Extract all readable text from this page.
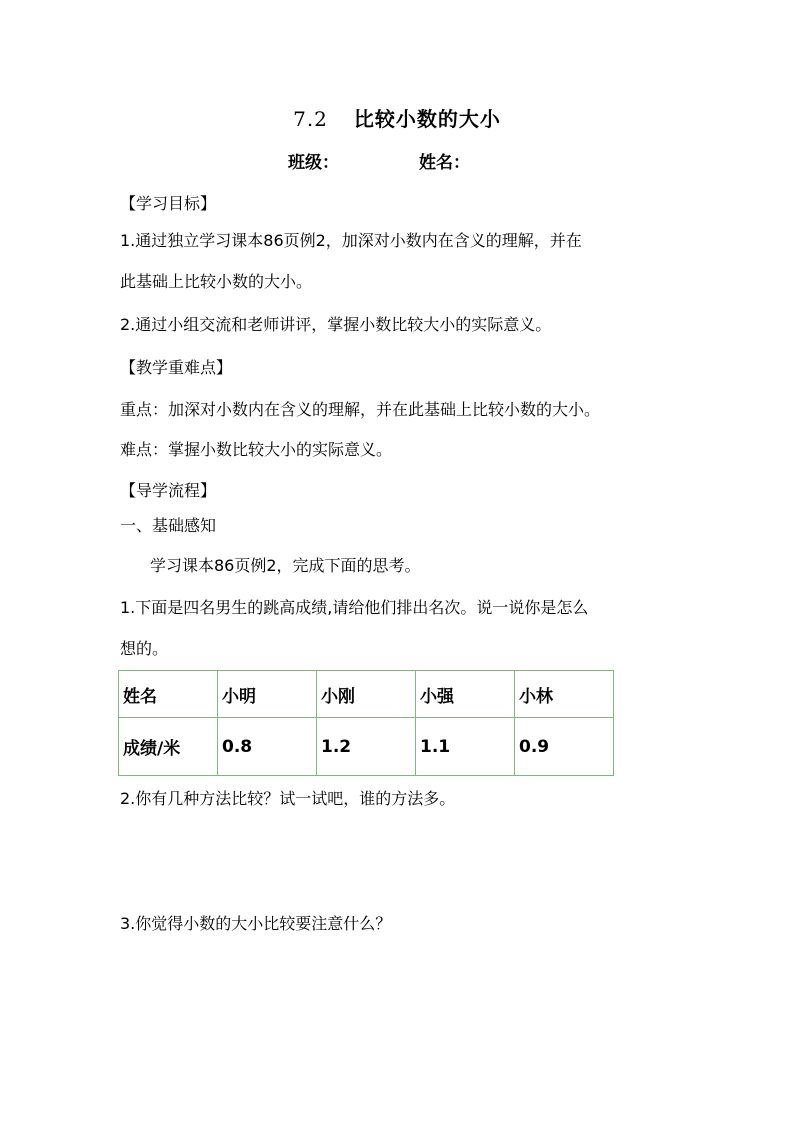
7.2 比较小数的大小
班级：	姓名：
【学习目标】
1.通过独立学习课本86页例2，加深对小数内在含义的理解，并在
此基础上比较小数的大小。
2.通过小组交流和老师讲评，掌握小数比较大小的实际意义。
【教学重难点】
重点：加深对小数内在含义的理解，并在此基础上比较小数的大小。
难点：掌握小数比较大小的实际意义。
【导学流程】
一、基础感知
学习课本86页例2，完成下面的思考。
1.下面是四名男生的跳高成绩,请给他们排出名次。说一说你是怎么
想的。
姓名	小明	小刚	小强	小林
成绩/米	0.8	1.2	1.1	0.9
2.你有几种方法比较？试一试吧，谁的方法多。
3.你觉得小数的大小比较要注意什么？
